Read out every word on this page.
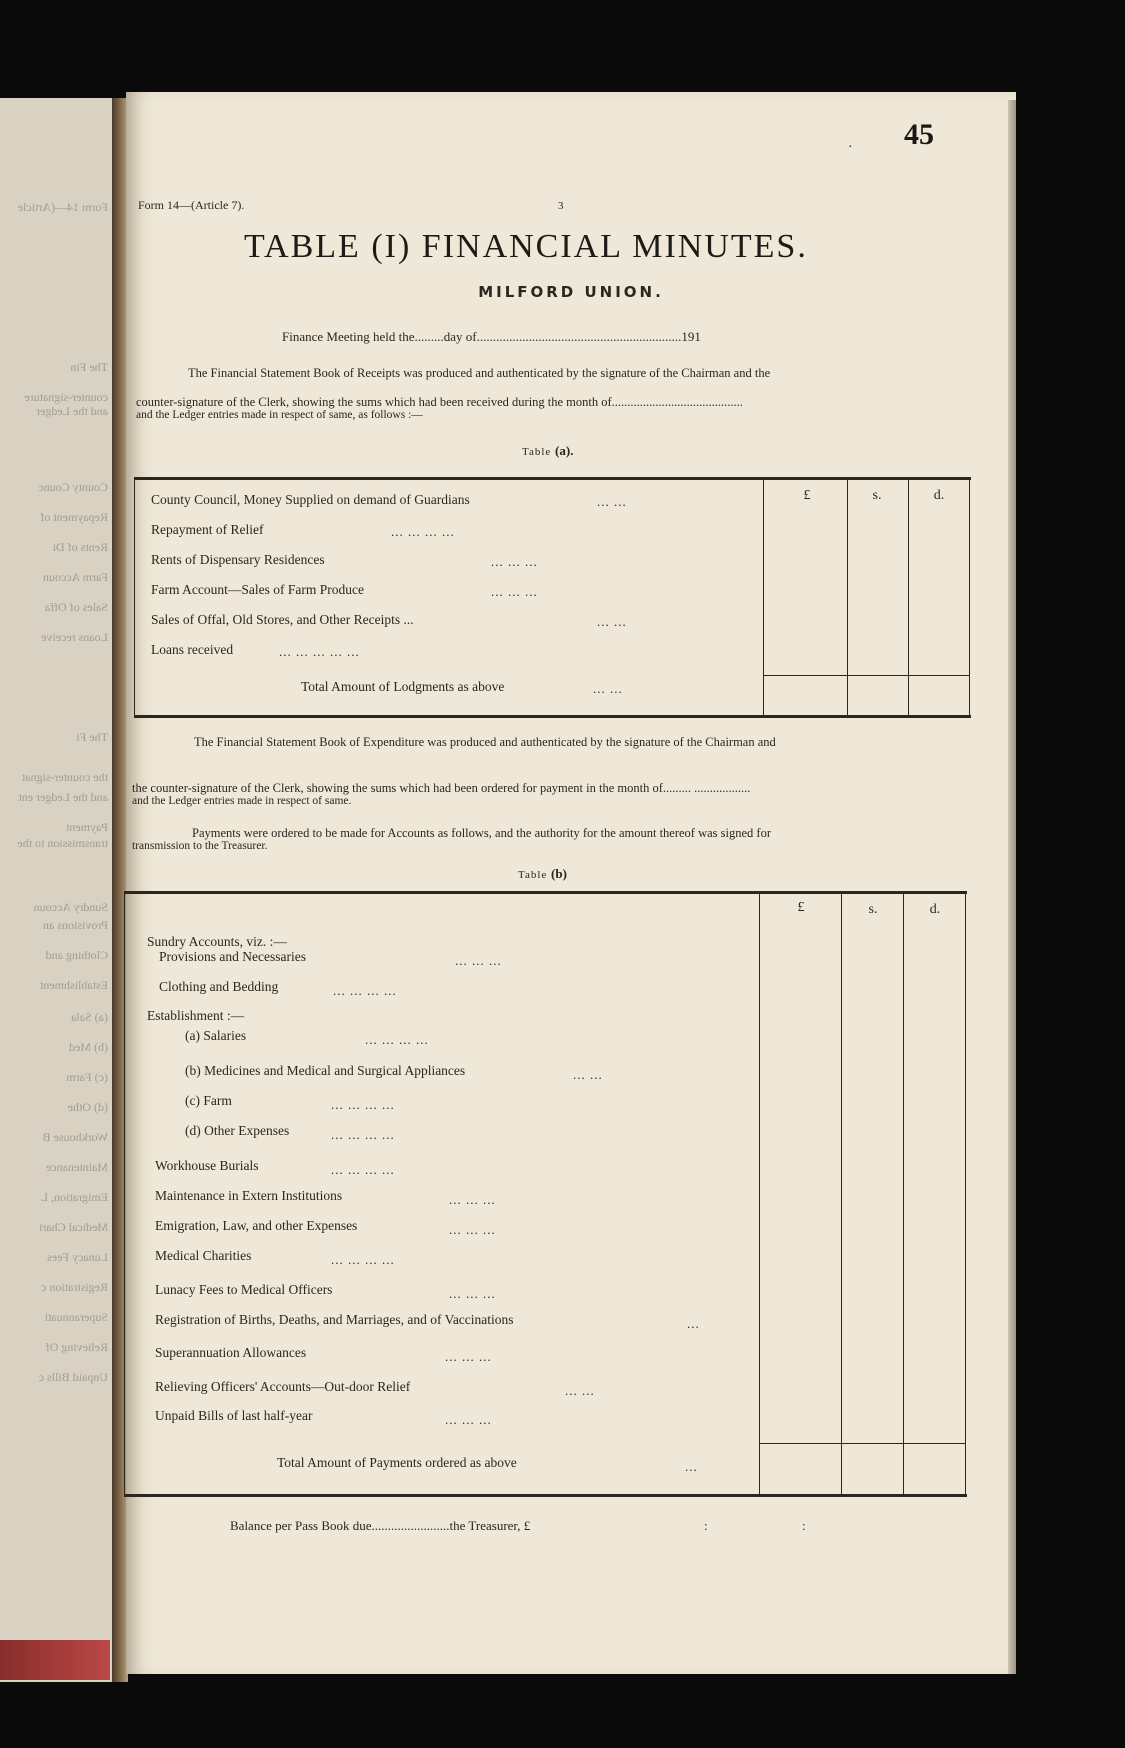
45
·
Form 14—(Article 7).	3
TABLE (I) FINANCIAL MINUTES.
MILFORD UNION.
Finance Meeting held the.........day of...............................................................191
The Financial Statement Book of Receipts was produced and authenticated by the signature of the Chairman and the
counter-signature of the Clerk, showing the sums which had been received during the month of..........................................
and the Ledger entries made in respect of same, as follows :—
Table (a).
£	s.	d.
County Council, Money Supplied on demand of Guardians	... ...
Repayment of Relief	... ... ... ...
Rents of Dispensary Residences	... ... ...
Farm Account—Sales of Farm Produce	... ... ...
Sales of Offal, Old Stores, and Other Receipts ...	... ...
Loans received	... ... ... ... ...
Total Amount of Lodgments as above	... ...
The Financial Statement Book of Expenditure was produced and authenticated by the signature of the Chairman and
the counter-signature of the Clerk, showing the sums which had been ordered for payment in the month of......... ..................
and the Ledger entries made in respect of same.
Payments were ordered to be made for Accounts as follows, and the authority for the amount thereof was signed for
transmission to the Treasurer.
Table (b)
£	s.	d.
Sundry Accounts, viz. :—
Provisions and Necessaries	... ... ...
Clothing and Bedding	... ... ... ...
Establishment :—
(a) Salaries	... ... ... ...
(b) Medicines and Medical and Surgical Appliances	... ...
(c) Farm	... ... ... ...
(d) Other Expenses	... ... ... ...
Workhouse Burials	... ... ... ...
Maintenance in Extern Institutions	... ... ...
Emigration, Law, and other Expenses	... ... ...
Medical Charities	... ... ... ...
Lunacy Fees to Medical Officers	... ... ...
Registration of Births, Deaths, and Marriages, and of Vaccinations	...
Superannuation Allowances	... ... ...
Relieving Officers' Accounts—Out-door Relief	... ...
Unpaid Bills of last half-year	... ... ...
Total Amount of Payments ordered as above	...
Balance per Pass Book due........................the Treasurer, £	:	:
Form 14—(Article
The Fin
counter-signature
and the Ledger
County Counc
Repayment of
Rents of Di
Farm Accoun
Sales of Offa
Loans receive
The Fi
the counter-signat
and the Ledger ent
Payment
transmission to the
Sundry Accoun
Provisions an
Clothing and
Establishment
(a) Sala
(b) Med
(c) Farm
(d) Othe
Workhouse B
Maintenance
Emigration, L
Medical Chari
Lunacy Fees
Registration c
Superannuati
Relieving Of
Unpaid Bills c
